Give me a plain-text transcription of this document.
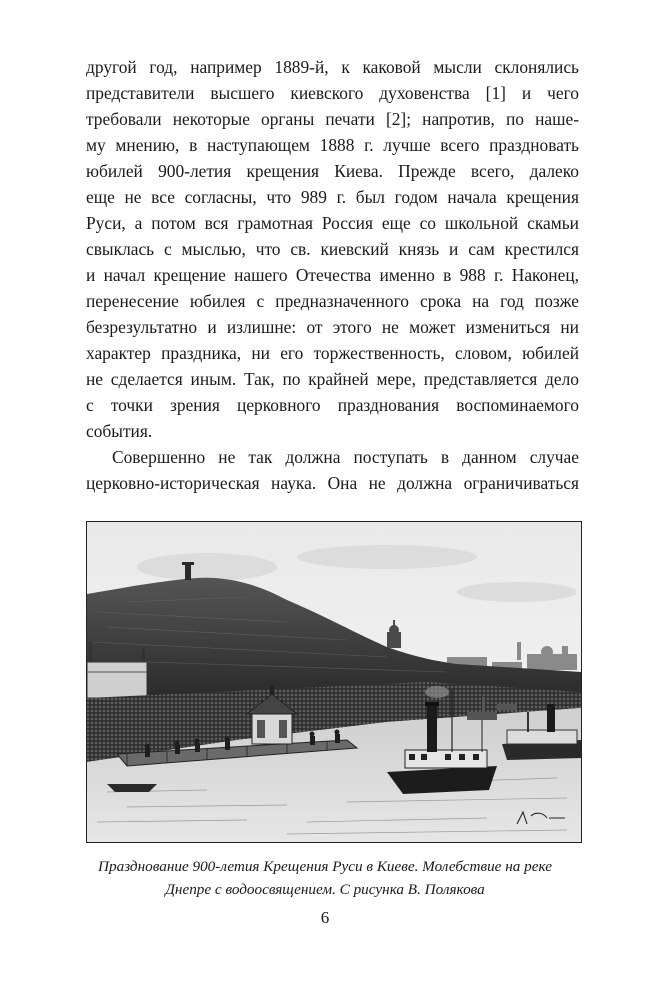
другой год, например 1889-й, к каковой мысли склонялись
представители высшего киевского духовенства [1] и чего
требовали некоторые органы печати [2]; напротив, по наше-
му мнению, в наступающем 1888 г. лучше всего праздновать
юбилей 900-летия крещения Киева. Прежде всего, далеко
еще не все согласны, что 989 г. был годом начала крещения
Руси, а потом вся грамотная Россия еще со школьной скамьи
свыклась с мыслью, что св. киевский князь и сам крестился
и начал крещение нашего Отечества именно в 988 г. Наконец,
перенесение юбилея с предназначенного срока на год позже
безрезультатно и излишне: от этого не может измениться ни
характер праздника, ни его торжественность, словом, юбилей
не сделается иным. Так, по крайней мере, представляется дело
с точки зрения церковного празднования воспоминаемого
события.

Совершенно не так должна поступать в данном случае
церковно-историческая наука. Она не должна ограничиваться

Празднование 900-летия Крещения Руси в Киеве. Молебствие на реке
Днепре с водоосвящением. С рисунка В. Полякова
6
